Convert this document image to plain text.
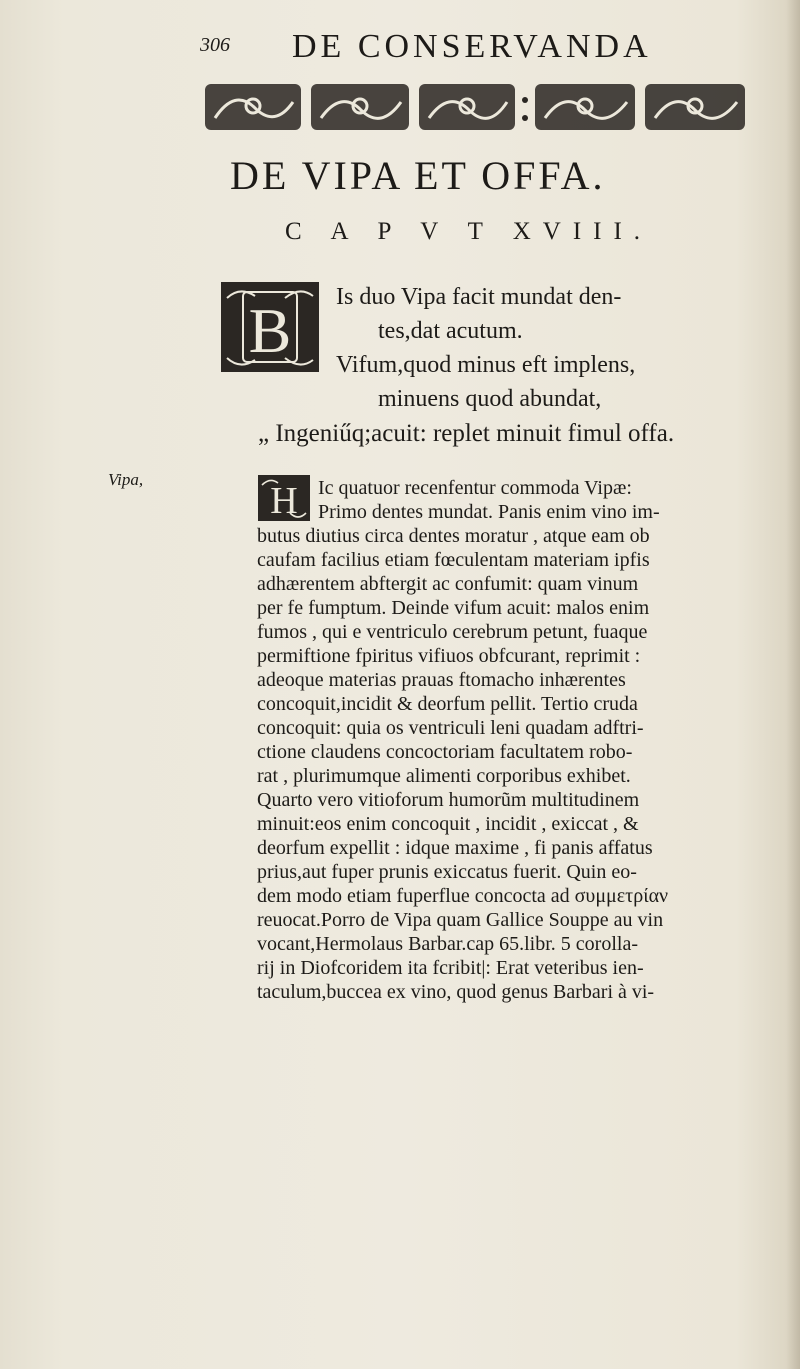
306 DE CONSERVANDA
DE VIPA ET OFFA.
C A P V T XVIII.
B Is duo Vipa facit mundat den-
tes,dat acutum.
Vifum,quod minus eft implens,
minuens quod abundat,
„ Ingeniűq;acuit: replet minuit fimul offa.
Vipa,
H Ic quatuor recenfentur commoda Vipæ:
Primo dentes mundat. Panis enim vino im-
butus diutius circa dentes moratur , atque eam ob
caufam facilius etiam fœculentam materiam ipfis
adhærentem abftergit ac confumit: quam vinum
per fe fumptum. Deinde vifum acuit: malos enim
fumos , qui e ventriculo cerebrum petunt, fuaque
permiftione fpiritus vifiuos obfcurant, reprimit :
adeoque materias prauas ftomacho inhærentes
concoquit,incidit & deorfum pellit. Tertio cruda
concoquit: quia os ventriculi leni quadam adftri-
ctione claudens concoctoriam facultatem robo-
rat , plurimumque alimenti corporibus exhibet.
Quarto vero vitioforum humorũm multitudinem
minuit:eos enim concoquit , incidit , exiccat , &
deorfum expellit : idque maxime , fi panis affatus
prius,aut fuper prunis exiccatus fuerit. Quin eo-
dem modo etiam fuperflue concocta ad συμμετρίαν
reuocat.Porro de Vipa quam Gallice Souppe au vin
vocant,Hermolaus Barbar.cap 65.libr. 5 corolla-
rij in Diofcoridem ita fcribit|: Erat veteribus ien-
taculum,buccea ex vino, quod genus Barbari à vi-
